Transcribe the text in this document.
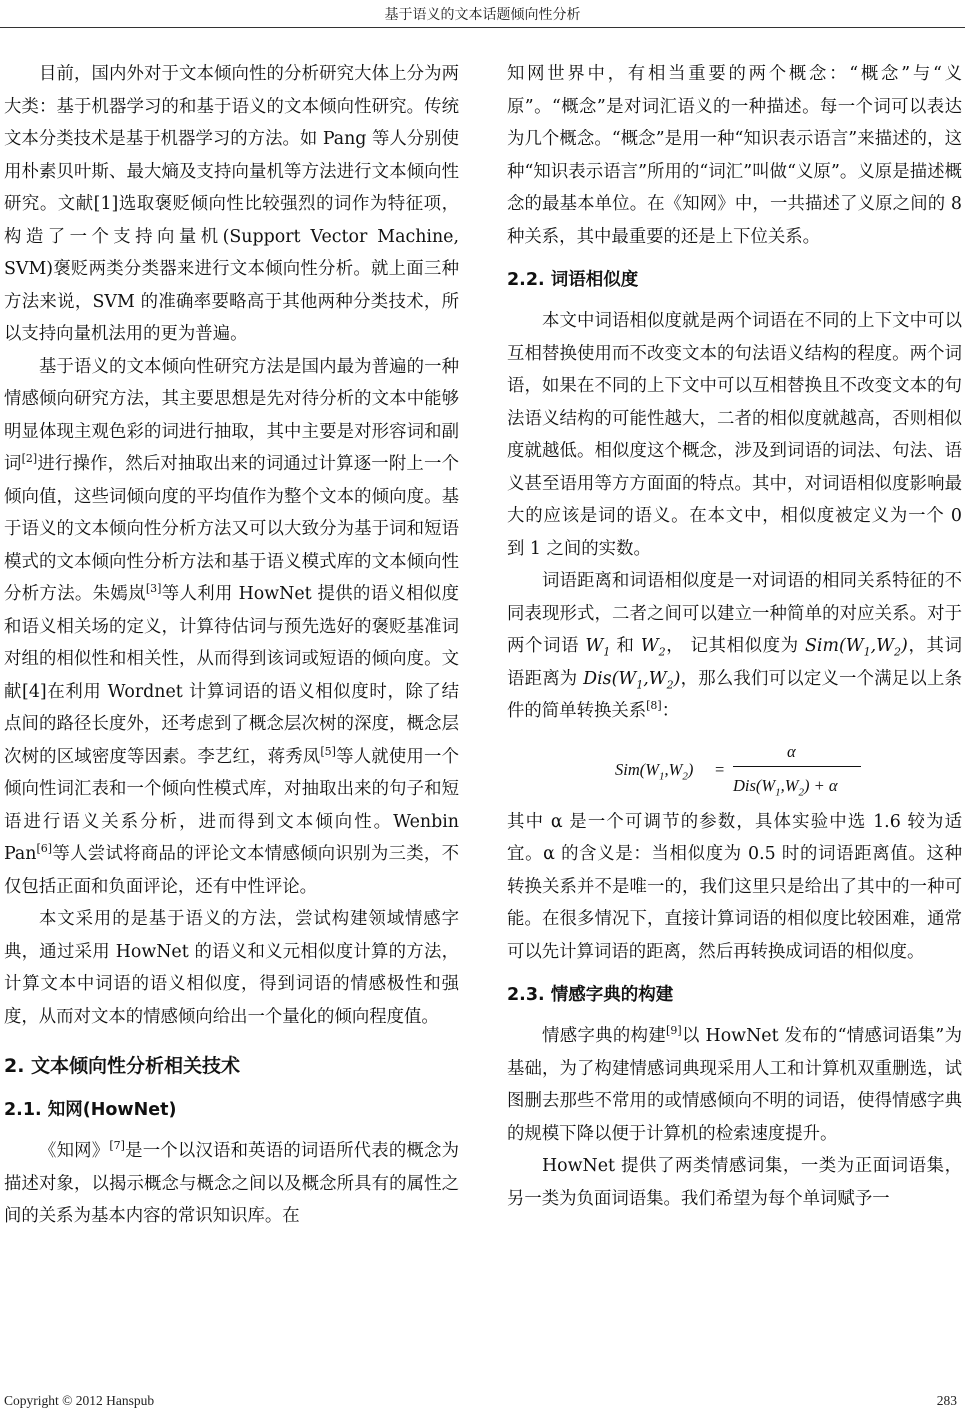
基于语义的文本话题倾向性分析

目前，国内外对于文本倾向性的分析研究大体上分为两大类：基于机器学习的和基于语义的文本倾向性研究。传统文本分类技术是基于机器学习的方法。如 Pang 等人分别使用朴素贝叶斯、最大熵及支持向量机等方法进行文本倾向性研究。文献[1]选取褒贬倾向性比较强烈的词作为特征项，构造了一个支持向量机(Support Vector Machine, SVM)褒贬两类分类器来进行文本倾向性分析。就上面三种方法来说，SVM 的准确率要略高于其他两种分类技术，所以支持向量机法用的更为普遍。

基于语义的文本倾向性研究方法是国内最为普遍的一种情感倾向研究方法，其主要思想是先对待分析的文本中能够明显体现主观色彩的词进行抽取，其中主要是对形容词和副词[2]进行操作，然后对抽取出来的词通过计算逐一附上一个倾向值，这些词倾向度的平均值作为整个文本的倾向度。基于语义的文本倾向性分析方法又可以大致分为基于词和短语模式的文本倾向性分析方法和基于语义模式库的文本倾向性分析方法。朱嫣岚[3]等人利用 HowNet 提供的语义相似度和语义相关场的定义，计算待估词与预先选好的褒贬基准词对组的相似性和相关性，从而得到该词或短语的倾向度。文献[4]在利用 Wordnet 计算词语的语义相似度时，除了结点间的路径长度外，还考虑到了概念层次树的深度，概念层次树的区域密度等因素。李艺红，蒋秀凤[5]等人就使用一个倾向性词汇表和一个倾向性模式库，对抽取出来的句子和短语进行语义关系分析，进而得到文本倾向性。Wenbin Pan[6]等人尝试将商品的评论文本情感倾向识别为三类，不仅包括正面和负面评论，还有中性评论。

本文采用的是基于语义的方法，尝试构建领域情感字典，通过采用 HowNet 的语义和义元相似度计算的方法，计算文本中词语的语义相似度，得到词语的情感极性和强度，从而对文本的情感倾向给出一个量化的倾向程度值。

2. 文本倾向性分析相关技术
2.1. 知网(HowNet)

《知网》[7]是一个以汉语和英语的词语所代表的概念为描述对象，以揭示概念与概念之间以及概念所具有的属性之间的关系为基本内容的常识知识库。在

知网世界中，有相当重要的两个概念：“概念”与“义原”。“概念”是对词汇语义的一种描述。每一个词可以表达为几个概念。“概念”是用一种“知识表示语言”来描述的，这种“知识表示语言”所用的“词汇”叫做“义原”。义原是描述概念的最基本单位。在《知网》中，一共描述了义原之间的 8 种关系，其中最重要的还是上下位关系。

2.2. 词语相似度

本文中词语相似度就是两个词语在不同的上下文中可以互相替换使用而不改变文本的句法语义结构的程度。两个词语，如果在不同的上下文中可以互相替换且不改变文本的句法语义结构的可能性越大，二者的相似度就越高，否则相似度就越低。相似度这个概念，涉及到词语的词法、句法、语义甚至语用等方方面面的特点。其中，对词语相似度影响最大的应该是词的语义。在本文中，相似度被定义为一个 0 到 1 之间的实数。

词语距离和词语相似度是一对词语的相同关系特征的不同表现形式，二者之间可以建立一种简单的对应关系。对于两个词语 $W_1$ 和 $W_2$， 记其相似度为 $Sim(W_1,W_2)$，其词语距离为 $Dis(W_1,W_2)$，那么我们可以定义一个满足以上条件的简单转换关系[8]：

$Sim(W_1,W_2)$ =
α
$Dis(W_1,W_2) + \alpha$

其中 α 是一个可调节的参数，具体实验中选 1.6 较为适宜。α 的含义是：当相似度为 0.5 时的词语距离值。这种转换关系并不是唯一的，我们这里只是给出了其中的一种可能。在很多情况下，直接计算词语的相似度比较困难，通常可以先计算词语的距离，然后再转换成词语的相似度。

2.3. 情感字典的构建

情感字典的构建[9]以 HowNet 发布的“情感词语集”为基础，为了构建情感词典现采用人工和计算机双重删选，试图删去那些不常用的或情感倾向不明的词语，使得情感字典的规模下降以便于计算机的检索速度提升。

HowNet 提供了两类情感词集，一类为正面词语集，另一类为负面词语集。我们希望为每个单词赋予一

Copyright © 2012 Hanspub	283
